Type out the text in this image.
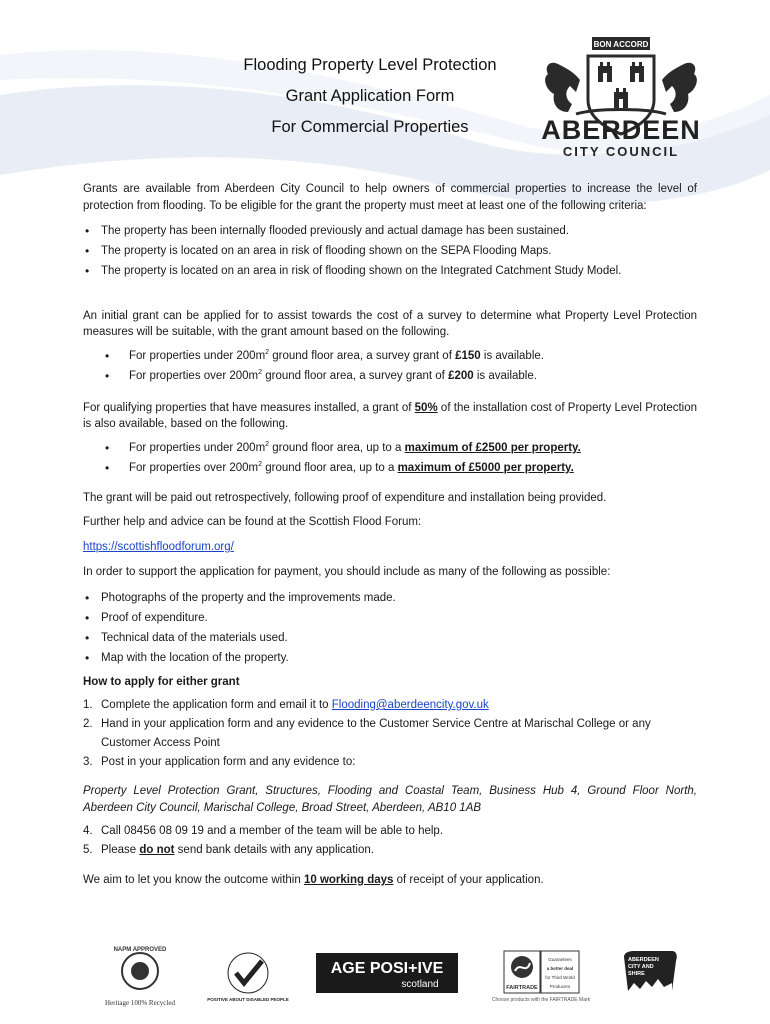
Flooding Property Level Protection
Grant Application Form
For Commercial Properties
BON ACCORD
ABERDEEN
CITY COUNCIL

Grants are available from Aberdeen City Council to help owners of commercial properties to increase the level of protection from flooding. To be eligible for the grant the property must meet at least one of the following criteria:

• The property has been internally flooded previously and actual damage has been sustained.
• The property is located on an area in risk of flooding shown on the SEPA Flooding Maps.
• The property is located on an area in risk of flooding shown on the Integrated Catchment Study Model.

An initial grant can be applied for to assist towards the cost of a survey to determine what Property Level Protection measures will be suitable, with the grant amount based on the following.

• For properties under $200m^2$ ground floor area, a survey grant of £150 is available.
• For properties over $200m^2$ ground floor area, a survey grant of £200 is available.

For qualifying properties that have measures installed, a grant of 50% of the installation cost of Property Level Protection is also available, based on the following.

• For properties under $200m^2$ ground floor area, up to a maximum of £2500 per property.
• For properties over $200m^2$ ground floor area, up to a maximum of £5000 per property.

The grant will be paid out retrospectively, following proof of expenditure and installation being provided.

Further help and advice can be found at the Scottish Flood Forum:

https://scottishfloodforum.org/

In order to support the application for payment, you should include as many of the following as possible:

• Photographs of the property and the improvements made.
• Proof of expenditure.
• Technical data of the materials used.
• Map with the location of the property.

How to apply for either grant

1. Complete the application form and email it to Flooding@aberdeencity.gov.uk
2. Hand in your application form and any evidence to the Customer Service Centre at Marischal College or any Customer Access Point
3. Post in your application form and any evidence to:

Property Level Protection Grant, Structures, Flooding and Coastal Team, Business Hub 4, Ground Floor North, Aberdeen City Council, Marischal College, Broad Street, Aberdeen, AB10 1AB

4. Call 08456 08 09 19 and a member of the team will be able to help.
5. Please do not send bank details with any application.

We aim to let you know the outcome within 10 working days of receipt of your application.

NAPM APPROVED
Heritage 100% Recycled	POSITIVE ABOUT DISABLED PEOPLE
AGE POSI+IVE
scotland	FAIRTRADE
Guarantees
a better deal
for Third World
Producers
Choose products with the FAIRTRADE Mark
ABERDEEN
CITY AND
SHIRE
